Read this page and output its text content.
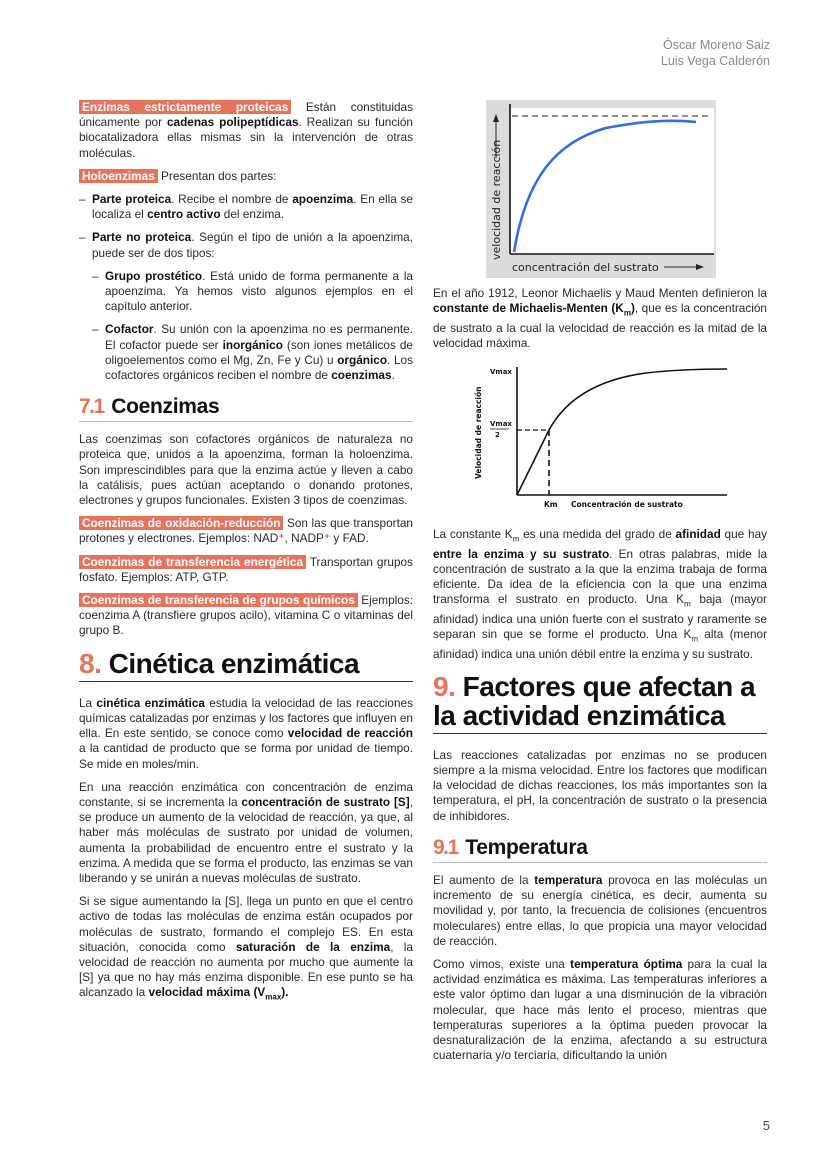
Óscar Moreno Saiz
Luis Vega Calderón

Enzimas estrictamente proteicas Están constituidas únicamente por cadenas polipeptídicas. Realizan su función biocatalizadora ellas mismas sin la intervención de otras moléculas.

Holoenzimas Presentan dos partes:

– Parte proteica. Recibe el nombre de apoenzima. En ella se localiza el centro activo del enzima.
– Parte no proteica. Según el tipo de unión a la apoenzima, puede ser de dos tipos:
– Grupo prostético. Está unido de forma permanente a la apoenzima. Ya hemos visto algunos ejemplos en el capítulo anterior.
– Cofactor. Su unión con la apoenzima no es permanente. El cofactor puede ser inorgánico (son iones metálicos de oligoelementos como el Mg, Zn, Fe y Cu) u orgánico. Los cofactores orgánicos reciben el nombre de coenzimas.
7.1 Coenzimas

Las coenzimas son cofactores orgánicos de naturaleza no proteica que, unidos a la apoenzima, forman la holoenzima. Son imprescindibles para que la enzima actúe y lleven a cabo la catálisis, pues actúan aceptando o donando protones, electrones y grupos funcionales. Existen 3 tipos de coenzimas.

Coenzimas de oxidación-reducción Son las que transportan protones y electrones. Ejemplos: NAD⁺, NADP⁺ y FAD.

Coenzimas de transferencia energética Transportan grupos fosfato. Ejemplos: ATP, GTP.

Coenzimas de transferencia de grupos químicos Ejemplos: coenzima A (transfiere grupos acilo), vitamina C o vitaminas del grupo B.

8. Cinética enzimática

La cinética enzimática estudia la velocidad de las reacciones químicas catalizadas por enzimas y los factores que influyen en ella. En este sentido, se conoce como velocidad de reacción a la cantidad de producto que se forma por unidad de tiempo. Se mide en moles/min.

En una reacción enzimática con concentración de enzima constante, si se incrementa la concentración de sustrato [S], se produce un aumento de la velocidad de reacción, ya que, al haber más moléculas de sustrato por unidad de volumen, aumenta la probabilidad de encuentro entre el sustrato y la enzima. A medida que se forma el producto, las enzimas se van liberando y se unirán a nuevas moléculas de sustrato.

Si se sigue aumentando la [S], llega un punto en que el centro activo de todas las moléculas de enzima están ocupados por moléculas de sustrato, formando el complejo ES. En esta situación, conocida como saturación de la enzima, la velocidad de reacción no aumenta por mucho que aumente la [S] ya que no hay más enzima disponible. En ese punto se ha alcanzado la velocidad máxima $(V_{max})$.

velocidad de reacción
concentración del sustrato

En el año 1912, Leonor Michaelis y Maud Menten definieron la constante de Michaelis-Menten $(K_m)$, que es la concentración de sustrato a la cual la velocidad de reacción es la mitad de la velocidad máxima.

Vmax
Vmax
2
Velocidad de reacción
Km Concentración de sustrato

La constante $K_m$ es una medida del grado de afinidad que hay entre la enzima y su sustrato. En otras palabras, mide la concentración de sustrato a la que la enzima trabaja de forma eficiente. Da idea de la eficiencia con la que una enzima transforma el sustrato en producto. Una $K_m$ baja (mayor afinidad) indica una unión fuerte con el sustrato y raramente se separan sin que se forme el producto. Una $K_m$ alta (menor afinidad) indica una unión débil entre la enzima y su sustrato.

9. Factores que afectan a la actividad enzimática

Las reacciones catalizadas por enzimas no se producen siempre a la misma velocidad. Entre los factores que modifican la velocidad de dichas reacciones, los más importantes son la temperatura, el pH, la concentración de sustrato o la presencia de inhibidores.

9.1 Temperatura

El aumento de la temperatura provoca en las moléculas un incremento de su energía cinética, es decir, aumenta su movilidad y, por tanto, la frecuencia de colisiones (encuentros moleculares) entre ellas, lo que propicia una mayor velocidad de reacción.

Como vimos, existe una temperatura óptima para la cual la actividad enzimática es máxima. Las temperaturas inferiores a este valor óptimo dan lugar a una disminución de la vibración molecular, que hace más lento el proceso, mientras que temperaturas superiores a la óptima pueden provocar la desnaturalización de la enzima, afectando a su estructura cuaternaria y/o terciaria, dificultando la unión

5
